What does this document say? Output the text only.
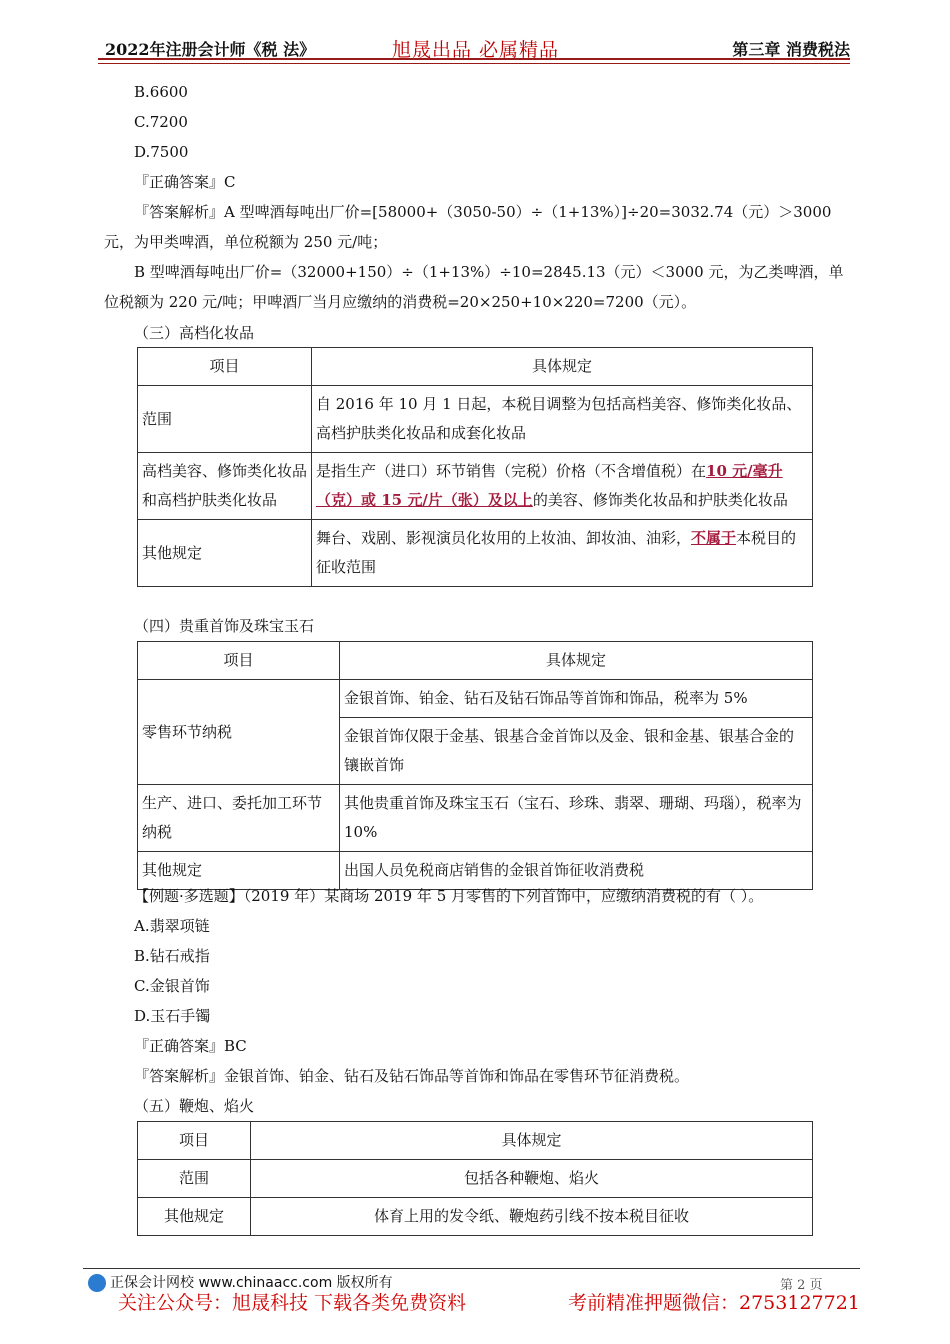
2022年注册会计师《税 法》	旭晟出品 必属精品	第三章 消费税法
B.6600
C.7200
D.7500
『正确答案』C
『答案解析』A 型啤酒每吨出厂价=[58000+（3050-50）÷（1+13%）]÷20=3032.74（元）＞3000
元，为甲类啤酒，单位税额为 250 元/吨；
B 型啤酒每吨出厂价=（32000+150）÷（1+13%）÷10=2845.13（元）＜3000 元，为乙类啤酒，单
位税额为 220 元/吨；甲啤酒厂当月应缴纳的消费税=20×250+10×220=7200（元）。
（三）高档化妆品
项目	具体规定
范围	自 2016 年 10 月 1 日起，本税目调整为包括高档美容、修饰类化妆品、高档护肤类化妆品和成套化妆品
高档美容、修饰类化妆品和高档护肤类化妆品	是指生产（进口）环节销售（完税）价格（不含增值税）在10 元/毫升（克）或 15 元/片（张）及以上的美容、修饰类化妆品和护肤类化妆品
其他规定	舞台、戏剧、影视演员化妆用的上妆油、卸妆油、油彩，不属于本税目的征收范围
（四）贵重首饰及珠宝玉石
项目	具体规定
零售环节纳税	金银首饰、铂金、钻石及钻石饰品等首饰和饰品，税率为 5%
	金银首饰仅限于金基、银基合金首饰以及金、银和金基、银基合金的镶嵌首饰
生产、进口、委托加工环节纳税	其他贵重首饰及珠宝玉石（宝石、珍珠、翡翠、珊瑚、玛瑙），税率为 10%
其他规定	出国人员免税商店销售的金银首饰征收消费税
【例题·多选题】（2019 年）某商场 2019 年 5 月零售的下列首饰中，应缴纳消费税的有（ ）。
A.翡翠项链
B.钻石戒指
C.金银首饰
D.玉石手镯
『正确答案』BC
『答案解析』金银首饰、铂金、钻石及钻石饰品等首饰和饰品在零售环节征消费税。
（五）鞭炮、焰火
项目	具体规定
范围	包括各种鞭炮、焰火
其他规定	体育上用的发令纸、鞭炮药引线不按本税目征收
正保会计网校 www.chinaacc.com 版权所有	第 2 页
关注公众号：旭晟科技 下载各类免费资料	考前精准押题微信：2753127721
